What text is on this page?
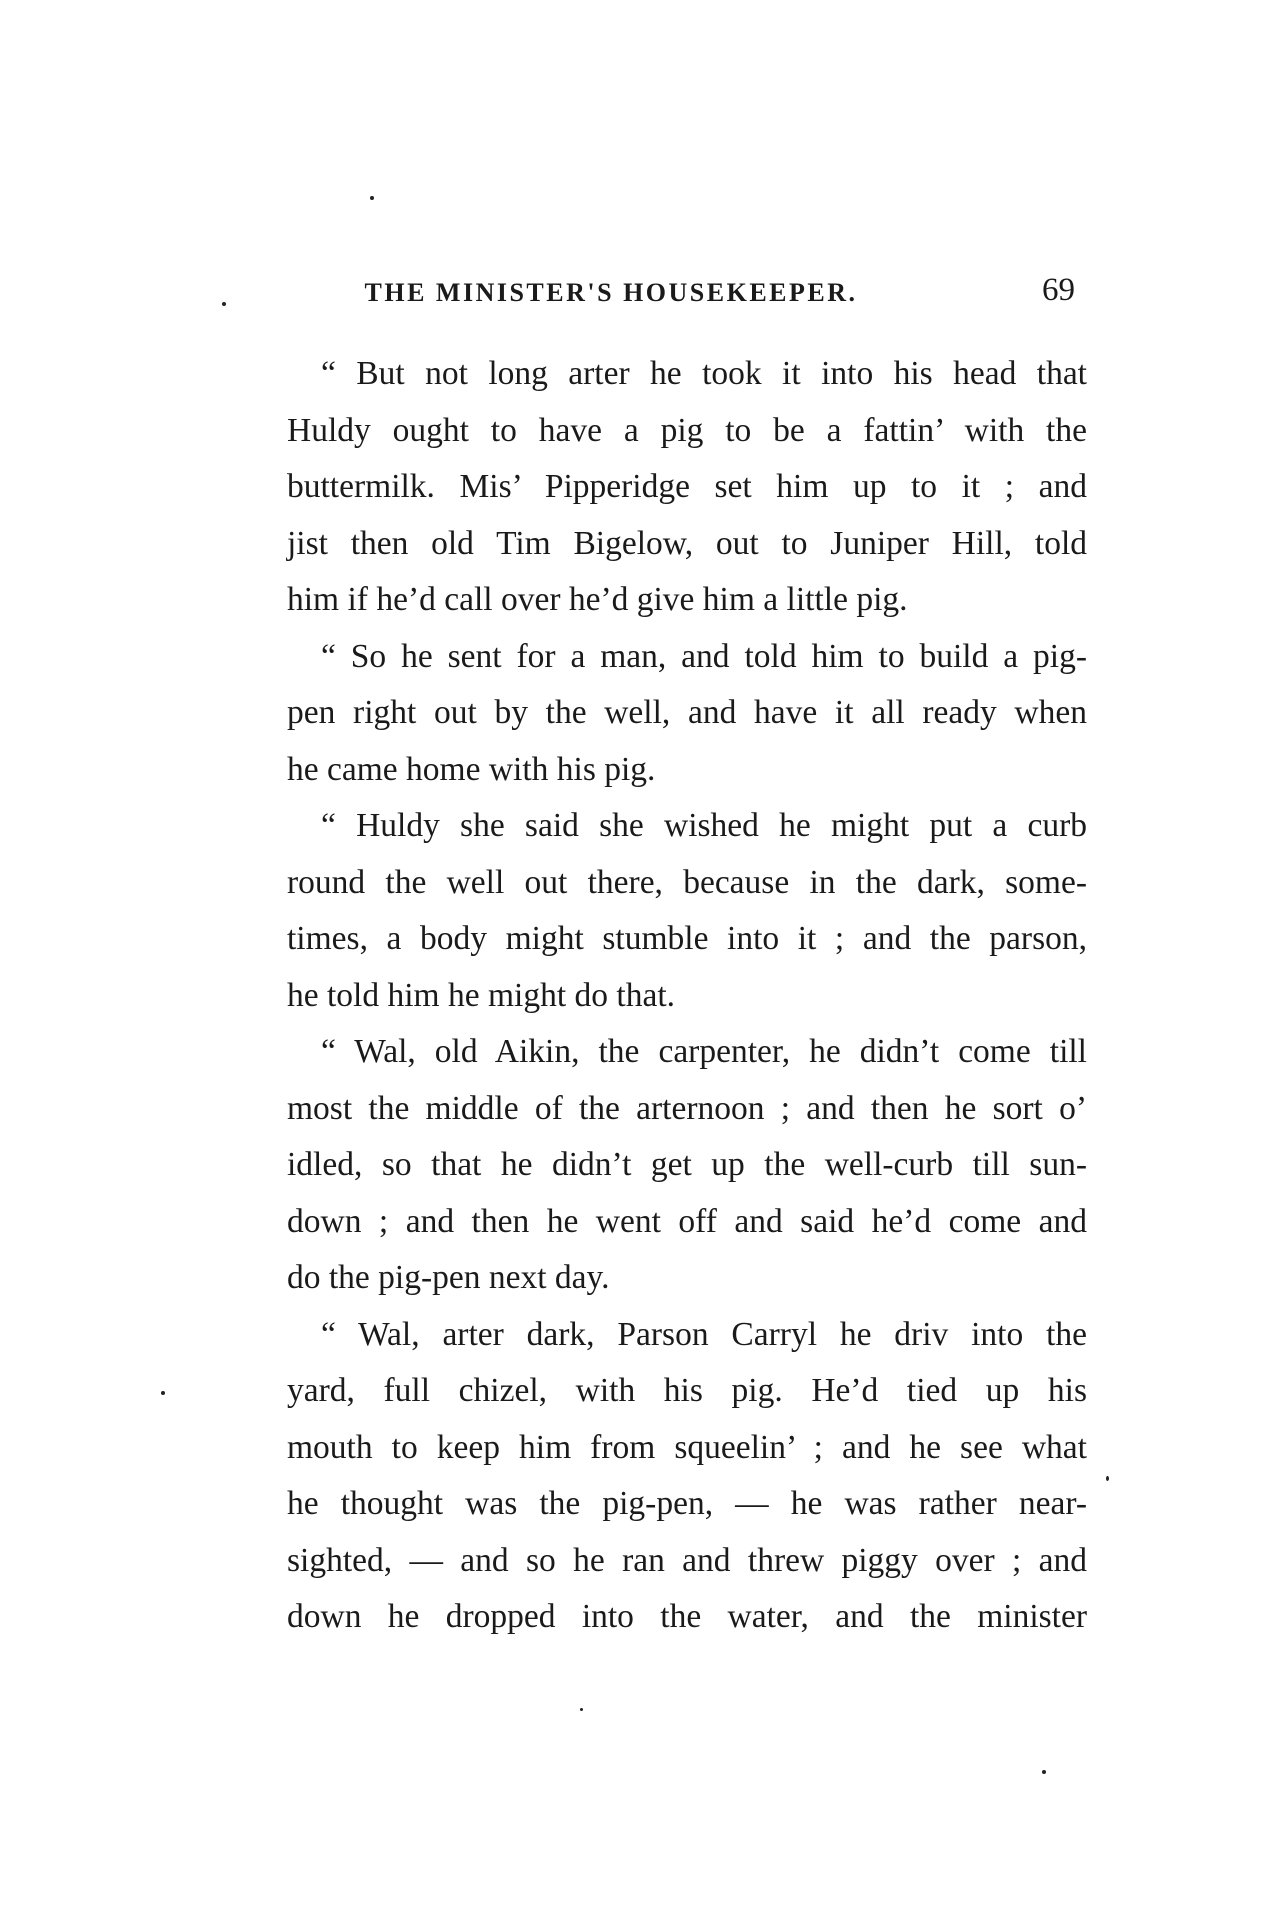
THE MINISTER'S HOUSEKEEPER.	69
“ But not long arter he took it into his head that
Huldy ought to have a pig to be a fattin’ with the
buttermilk. Mis’ Pipperidge set him up to it ; and
jist then old Tim Bigelow, out to Juniper Hill, told
him if he’d call over he’d give him a little pig.
“ So he sent for a man, and told him to build a pig-
pen right out by the well, and have it all ready when
he came home with his pig.
“ Huldy she said she wished he might put a curb
round the well out there, because in the dark, some-
times, a body might stumble into it ; and the parson,
he told him he might do that.
“ Wal, old Aikin, the carpenter, he didn’t come till
most the middle of the arternoon ; and then he sort o’
idled, so that he didn’t get up the well-curb till sun-
down ; and then he went off and said he’d come and
do the pig-pen next day.
“ Wal, arter dark, Parson Carryl he driv into the
yard, full chizel, with his pig. He’d tied up his
mouth to keep him from squeelin’ ; and he see what
he thought was the pig-pen, — he was rather near-
sighted, — and so he ran and threw piggy over ; and
down he dropped into the water, and the minister
